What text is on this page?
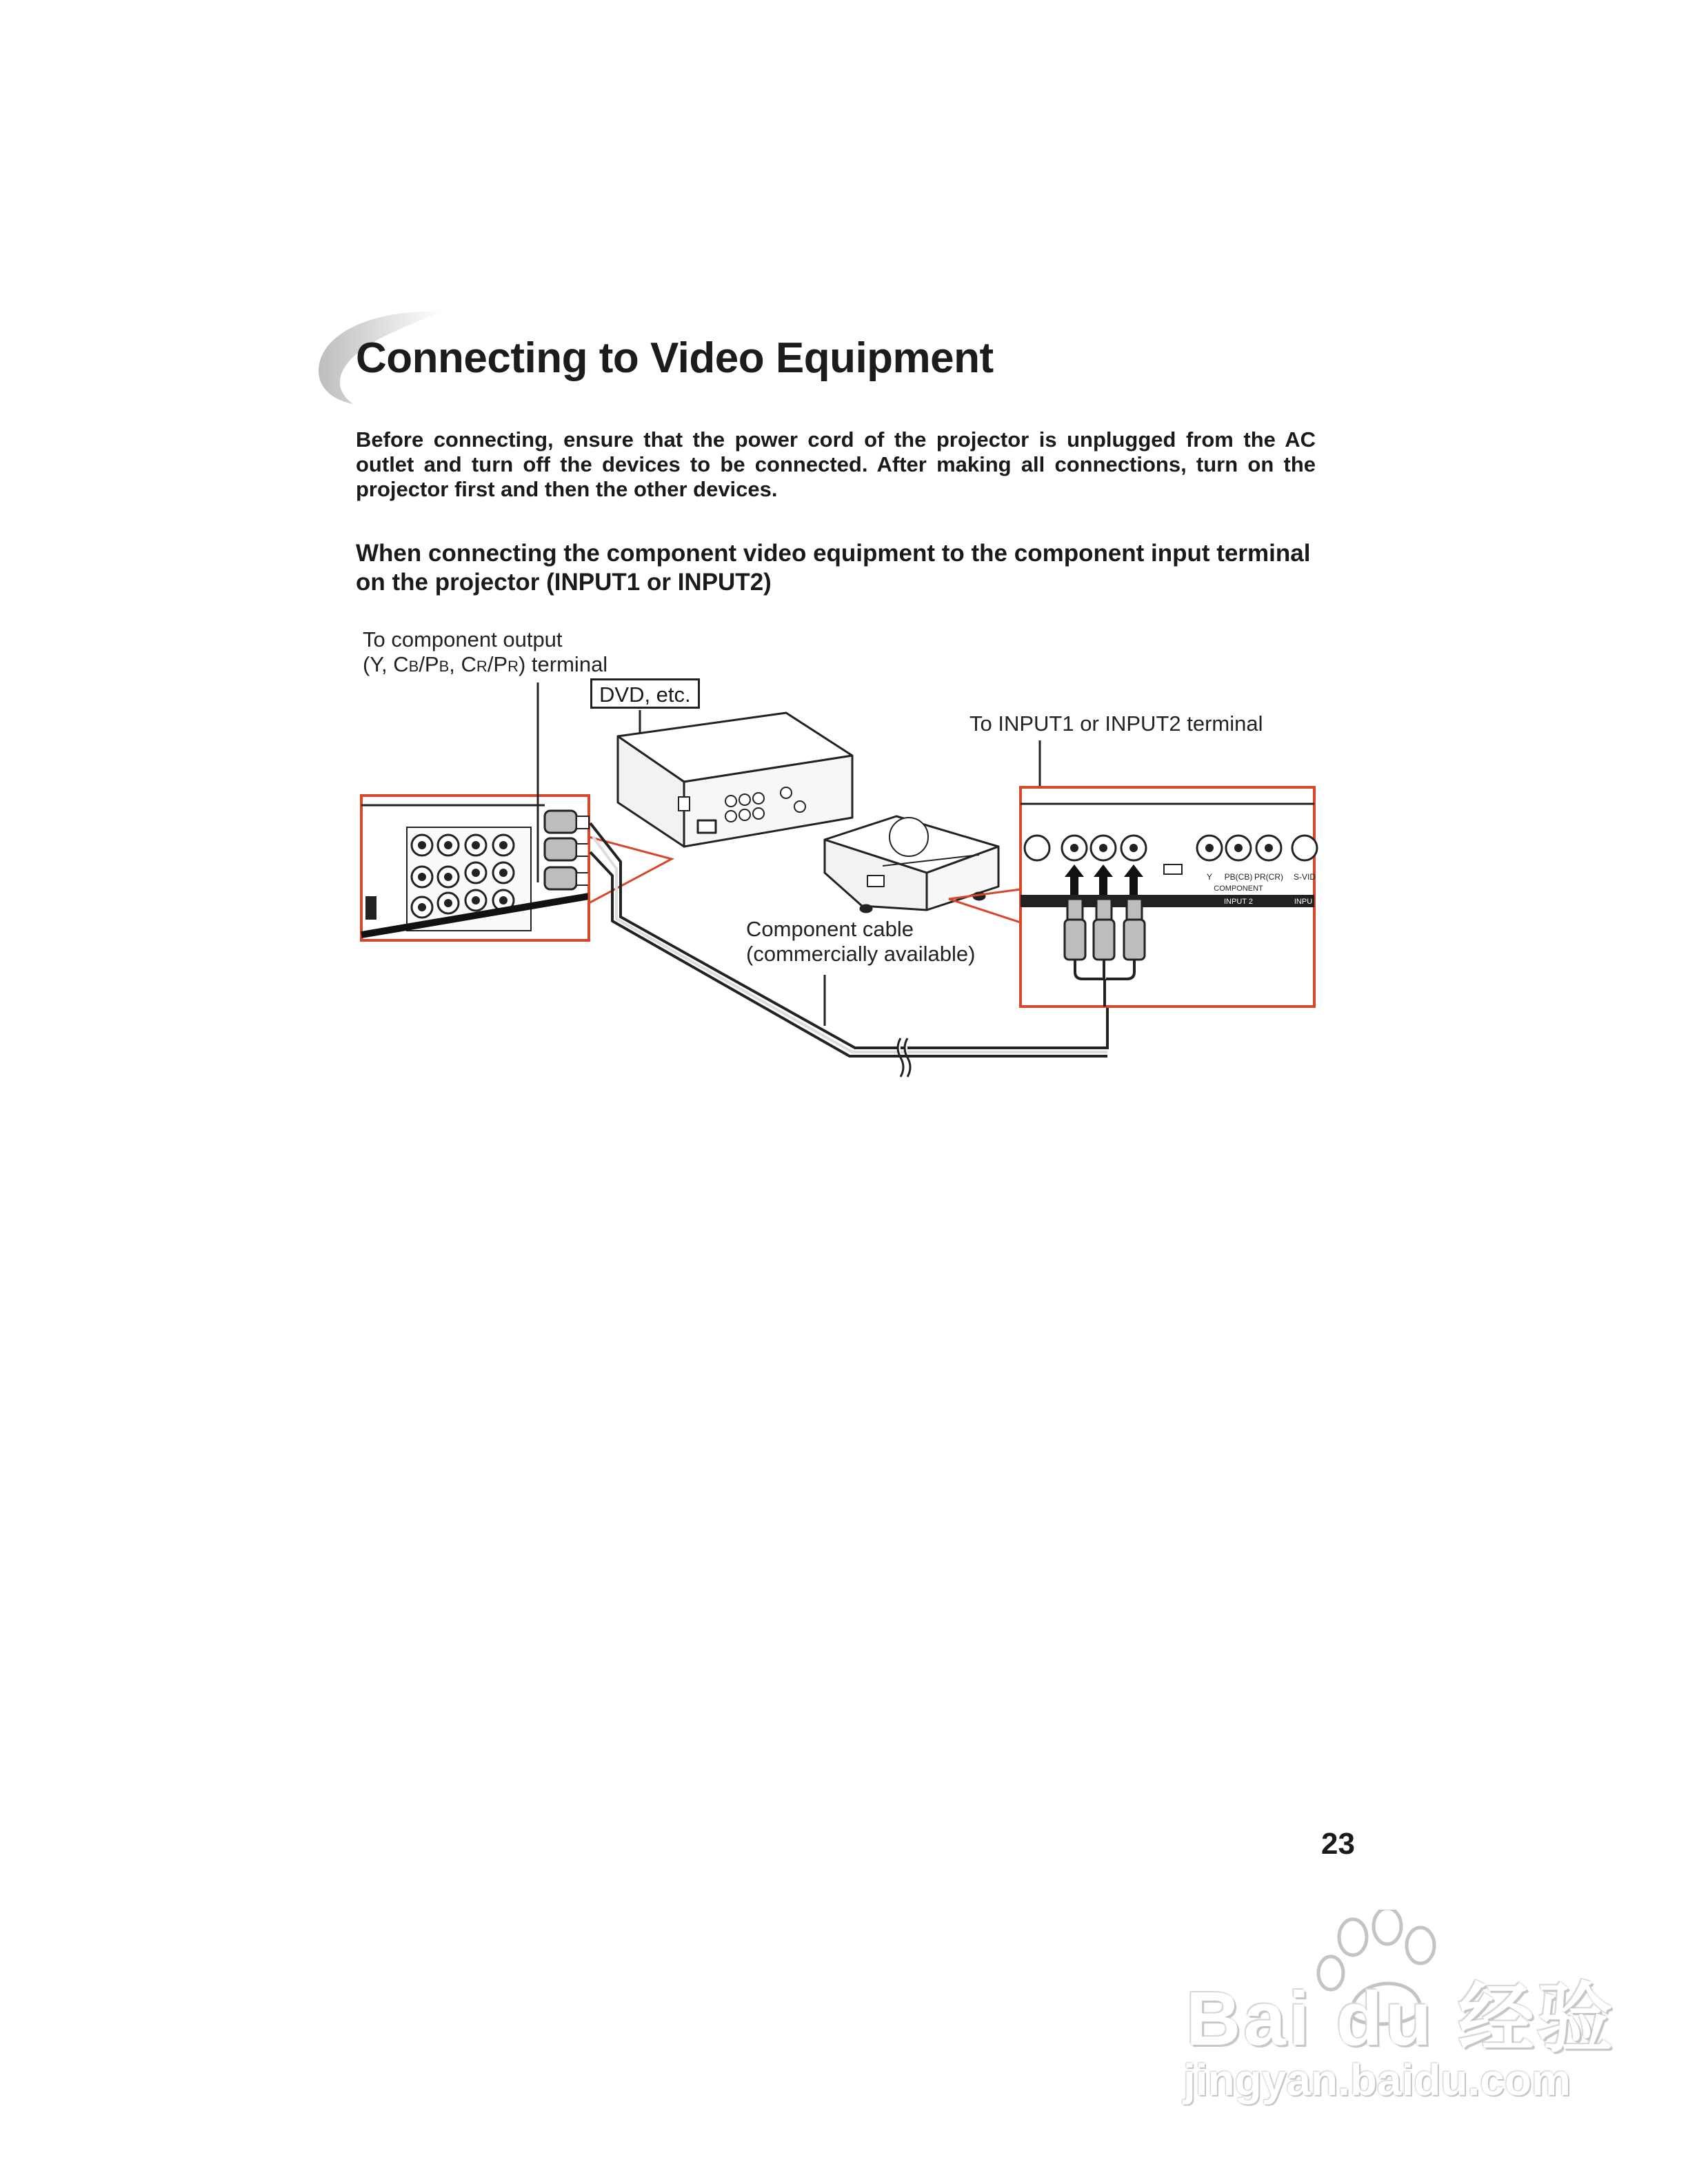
Connecting to Video Equipment

Before connecting, ensure that the power cord of the projector is unplugged from the AC outlet and turn off the devices to be connected. After making all connections, turn on the projector first and then the other devices.

When connecting the component video equipment to the component input terminal on the projector (INPUT1 or INPUT2)
Y PB(CB) PR(CR) S-VID
COMPONENT
INPUT 2	INPU
To component output
(Y, CB/PB, CR/PR) terminal
DVD, etc.
To INPUT1 or INPUT2 terminal
Component cable
(commercially available)
23
Bai du 经验
jingyan.baidu.com
